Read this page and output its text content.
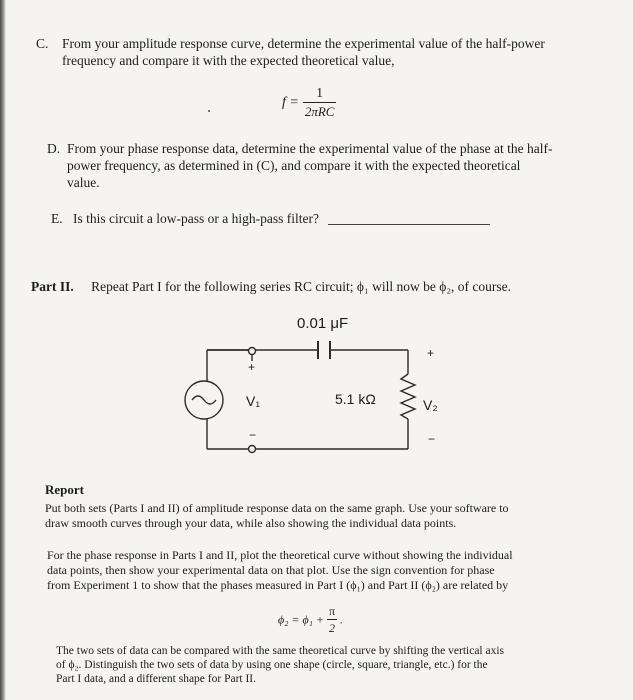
C. From your amplitude response curve, determine the experimental value of the half-power
frequency and compare it with the expected theoretical value,
$f = \frac{1}{\text{2πRC}}$
D. From your phase response data, determine the experimental value of the phase at the half-
power frequency, as determined in (C), and compare it with the expected theoretical
value.
E. Is this circuit a low-pass or a high-pass filter?
Part II. Repeat Part I for the following series RC circuit; ϕ₁ will now be ϕ₂, of course.
0.01 μF
5.1 kΩ
V₁	V₂
+
−
+
−
Report
Put both sets (Parts I and II) of amplitude response data on the same graph. Use your software to
draw smooth curves through your data, while also showing the individual data points.
For the phase response in Parts I and II, plot the theoretical curve without showing the individual
data points, then show your experimental data on that plot. Use the sign convention for phase
from Experiment 1 to show that the phases measured in Part I (ϕ₁) and Part II (ϕ₂) are related by
$\phi_2 = \phi_1 + \frac{\pi}{2}$ .
The two sets of data can be compared with the same theoretical curve by shifting the vertical axis
of ϕ₂. Distinguish the two sets of data by using one shape (circle, square, triangle, etc.) for the
Part I data, and a different shape for Part II.
